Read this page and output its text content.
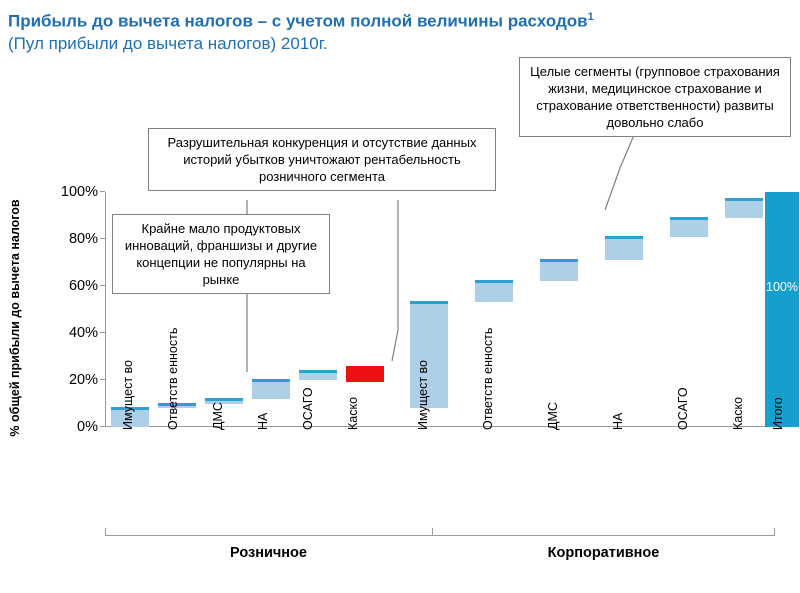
Прибыль до вычета налогов – с учетом полной величины расходов$^1$
(Пул прибыли до вычета налогов) 2010г.
% общей прибыли до вычета налогов	0%
20%
40%
60%
80%
100%
100%
Имущест во Ответств енность ДМС НА ОСАГО Каско	Имущест во	Ответств енность	ДМС	НА	ОСАГО	Каско Итого
Розничное	Корпоративное
Разрушительная конкуренция и отсутствие данных историй убытков уничтожают рентабельность розничного сегмента
Крайне мало продуктовых инноваций, франшизы и другие концепции не популярны на рынке
Целые сегменты (групповое страхования жизни, медицинское страхование и страхование ответственности) развиты довольно слабо
